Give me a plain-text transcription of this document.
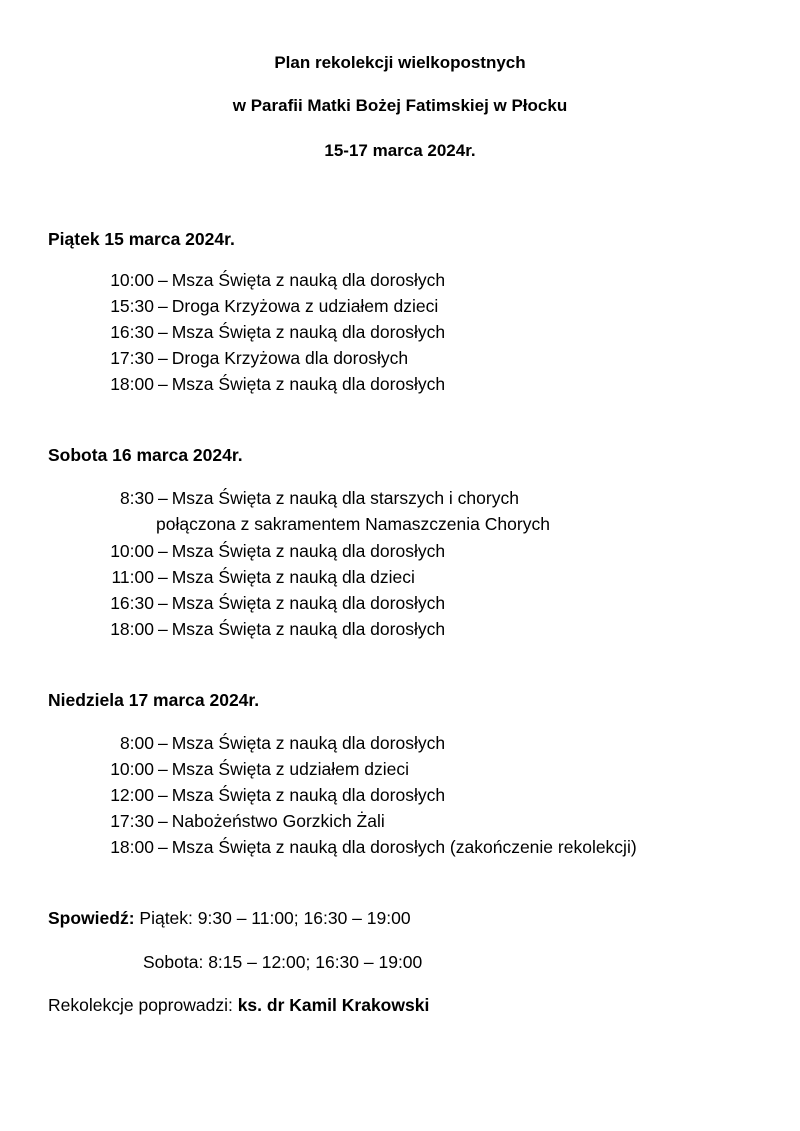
Plan rekolekcji wielkopostnych
w Parafii Matki Bożej Fatimskiej w Płocku
15-17 marca 2024r.
Piątek 15 marca 2024r.
10:00 – Msza Święta z nauką dla dorosłych
15:30 – Droga Krzyżowa z udziałem dzieci
16:30 – Msza Święta z nauką dla dorosłych
17:30 – Droga Krzyżowa dla dorosłych
18:00 – Msza Święta z nauką dla dorosłych
Sobota 16 marca 2024r.
8:30 – Msza Święta z nauką dla starszych i chorych
połączona z sakramentem Namaszczenia Chorych
10:00 – Msza Święta z nauką dla dorosłych
11:00 – Msza Święta z nauką dla dzieci
16:30 – Msza Święta z nauką dla dorosłych
18:00 – Msza Święta z nauką dla dorosłych
Niedziela 17 marca 2024r.
8:00 – Msza Święta z nauką dla dorosłych
10:00 – Msza Święta z udziałem dzieci
12:00 – Msza Święta z nauką dla dorosłych
17:30 – Nabożeństwo Gorzkich Żali
18:00 – Msza Święta z nauką dla dorosłych (zakończenie rekolekcji)
Spowiedź: Piątek: 9:30 – 11:00; 16:30 – 19:00
Sobota: 8:15 – 12:00; 16:30 – 19:00
Rekolekcje poprowadzi: ks. dr Kamil Krakowski
